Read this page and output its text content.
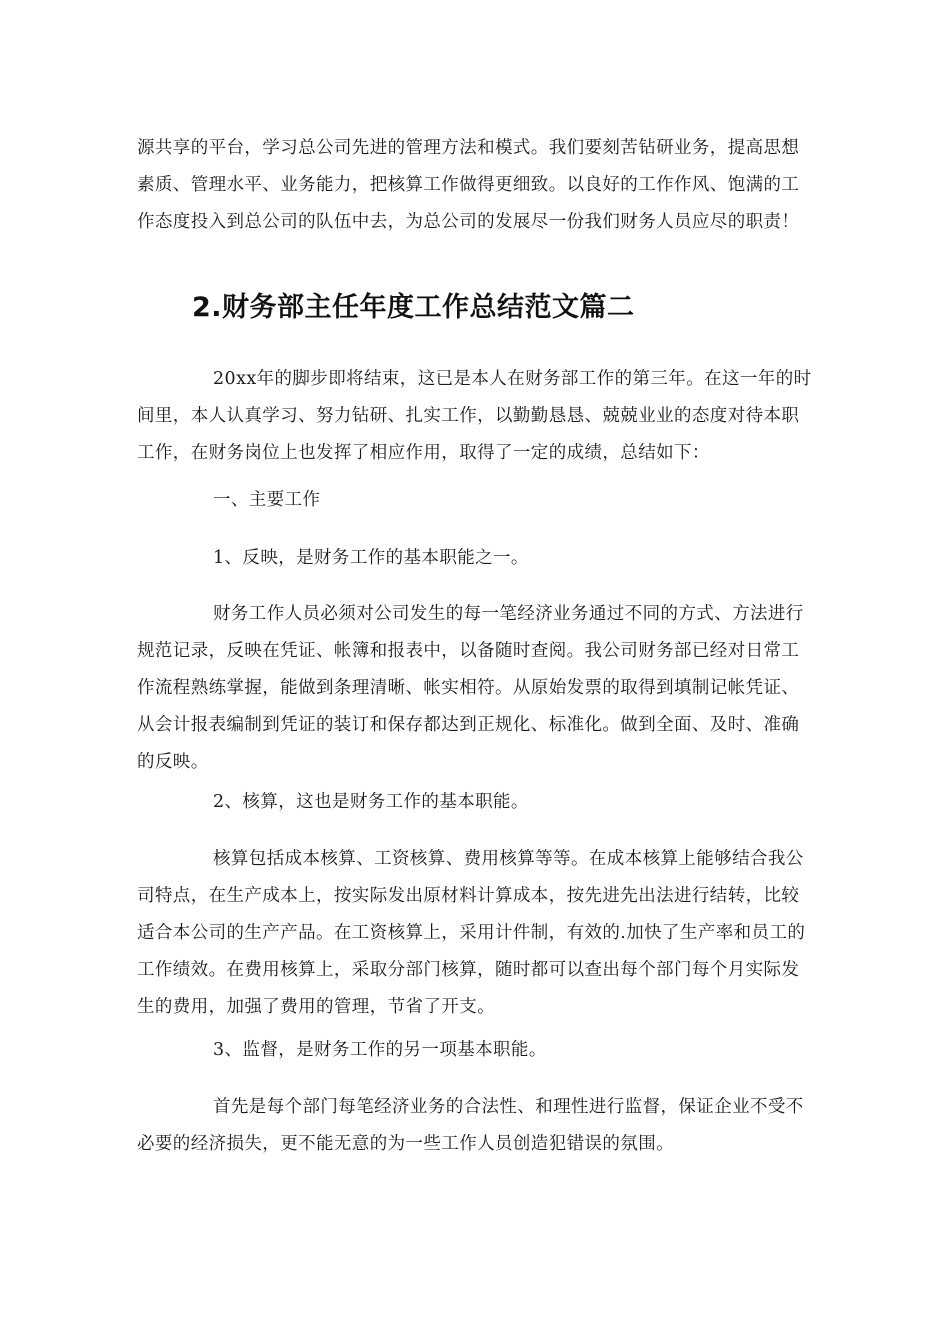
源共享的平台，学习总公司先进的管理方法和模式。我们要刻苦钻研业务，提高思想素质、管理水平、业务能力，把核算工作做得更细致。以良好的工作作风、饱满的工作态度投入到总公司的队伍中去，为总公司的发展尽一份我们财务人员应尽的职责！

2.财务部主任年度工作总结范文篇二

20xx年的脚步即将结束，这已是本人在财务部工作的第三年。在这一年的时间里，本人认真学习、努力钻研、扎实工作，以勤勤恳恳、兢兢业业的态度对待本职工作，在财务岗位上也发挥了相应作用，取得了一定的成绩，总结如下：

一、主要工作

1、反映，是财务工作的基本职能之一。

财务工作人员必须对公司发生的每一笔经济业务通过不同的方式、方法进行规范记录，反映在凭证、帐簿和报表中，以备随时查阅。我公司财务部已经对日常工作流程熟练掌握，能做到条理清晰、帐实相符。从原始发票的取得到填制记帐凭证、从会计报表编制到凭证的装订和保存都达到正规化、标准化。做到全面、及时、准确的反映。

2、核算，这也是财务工作的基本职能。

核算包括成本核算、工资核算、费用核算等等。在成本核算上能够结合我公司特点，在生产成本上，按实际发出原材料计算成本，按先进先出法进行结转，比较适合本公司的生产产品。在工资核算上，采用计件制，有效的.加快了生产率和员工的工作绩效。在费用核算上，采取分部门核算，随时都可以查出每个部门每个月实际发生的费用，加强了费用的管理，节省了开支。

3、监督，是财务工作的另一项基本职能。

首先是每个部门每笔经济业务的合法性、和理性进行监督，保证企业不受不必要的经济损失，更不能无意的为一些工作人员创造犯错误的氛围。
